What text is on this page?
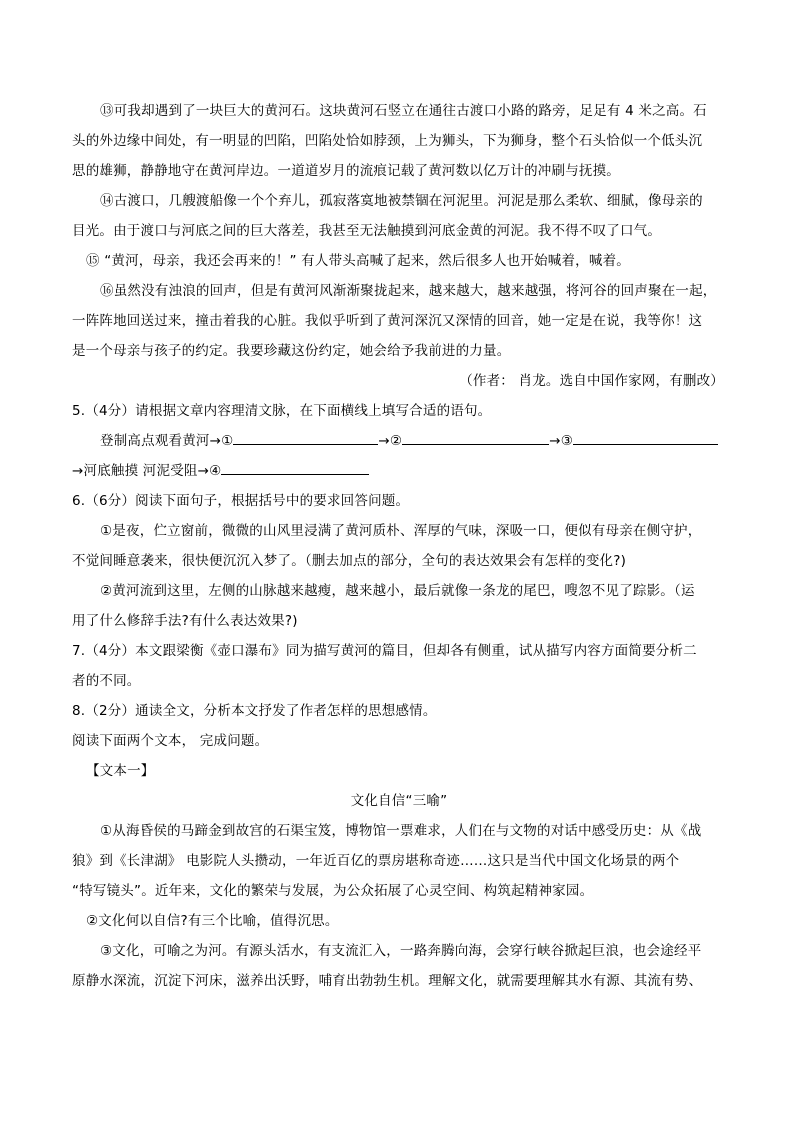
⑬可我却遇到了一块巨大的黄河石。这块黄河石竖立在通往古渡口小路的路旁，足足有 4 米之高。石
头的外边缘中间处，有一明显的凹陷，凹陷处恰如脖颈，上为狮头，下为狮身，整个石头恰似一个低头沉
思的雄狮，静静地守在黄河岸边。一道道岁月的流痕记载了黄河数以亿万计的冲刷与抚摸。
⑭古渡口，几艘渡船像一个个弃儿，孤寂落寞地被禁锢在河泥里。河泥是那么柔软、细腻，像母亲的
目光。由于渡口与河底之间的巨大落差，我甚至无法触摸到河底金黄的河泥。我不得不叹了口气。
⑮ “黄河，母亲，我还会再来的！” 有人带头高喊了起来，然后很多人也开始喊着，喊着。
⑯虽然没有浊浪的回声，但是有黄河风渐渐聚拢起来，越来越大，越来越强，将河谷的回声聚在一起，
一阵阵地回送过来，撞击着我的心脏。我似乎听到了黄河深沉又深情的回音，她一定是在说，我等你！这
是一个母亲与孩子的约定。我要珍藏这份约定，她会给予我前进的力量。
（作者： 肖龙。选自中国作家网，有删改）
5.（4分）请根据文章内容理清文脉，在下面横线上填写合适的语句。
登制高点观看黄河→①	→②	→③
→河底触摸 河泥受阻→④
6.（6分）阅读下面句子，根据括号中的要求回答问题。
①是夜，伫立窗前，微微的山风里浸满了黄河质朴、浑厚的气味，深吸一口，便似有母亲在侧守护，
不觉间睡意袭来，很快便沉沉入梦了。（删去加点的部分，全句的表达效果会有怎样的变化?)
②黄河流到这里，左侧的山脉越来越瘦，越来越小，最后就像一条龙的尾巴，嗖忽不见了踪影。（运
用了什么修辞手法?有什么表达效果?)
7.（4分）本文跟梁衡《壶口瀑布》同为描写黄河的篇目，但却各有侧重，试从描写内容方面简要分析二
者的不同。
8.（2分）通读全文，分析本文抒发了作者怎样的思想感情。
阅读下面两个文本， 完成问题。
【文本一】
文化自信“三喻”
①从海昏侯的马蹄金到故宫的石渠宝笈，博物馆一票难求，人们在与文物的对话中感受历史：从《战
狼》到《长津湖》 电影院人头攒动，一年近百亿的票房堪称奇迹……这只是当代中国文化场景的两个
“特写镜头”。近年来，文化的繁荣与发展，为公众拓展了心灵空间、构筑起精神家园。
②文化何以自信?有三个比喻，值得沉思。
③文化，可喻之为河。有源头活水，有支流汇入，一路奔腾向海，会穿行峡谷掀起巨浪，也会途经平
原静水深流，沉淀下河床，滋养出沃野，哺育出勃勃生机。理解文化，就需要理解其水有源、其流有势、
